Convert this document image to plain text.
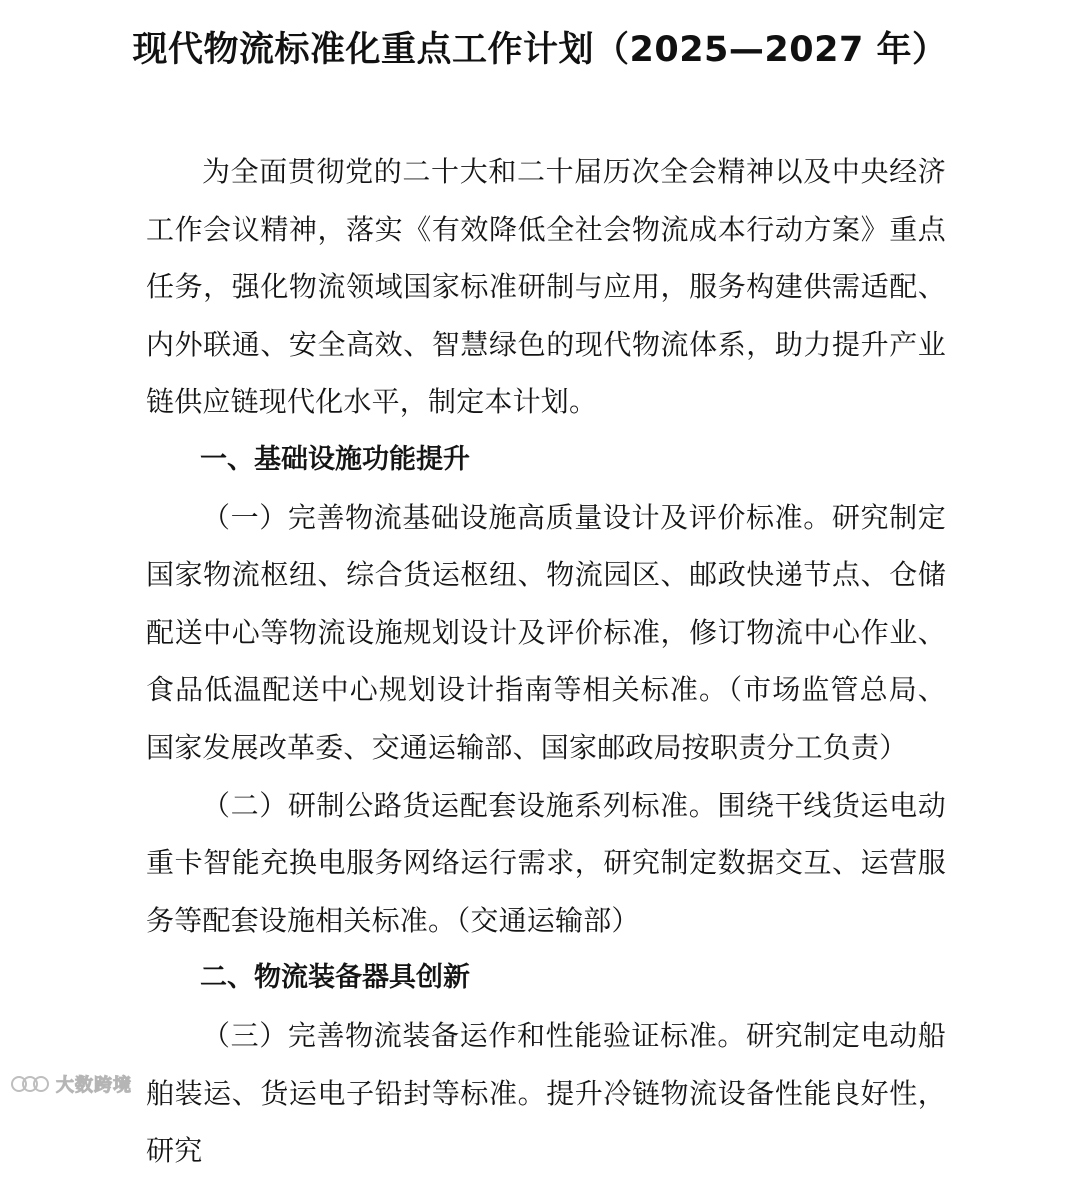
现代物流标准化重点工作计划（2025—2027 年）

为全面贯彻党的二十大和二十届历次全会精神以及中央经济工作会议精神，落实《有效降低全社会物流成本行动方案》重点任务，强化物流领域国家标准研制与应用，服务构建供需适配、内外联通、安全高效、智慧绿色的现代物流体系，助力提升产业链供应链现代化水平，制定本计划。

一、基础设施功能提升

（一）完善物流基础设施高质量设计及评价标准。研究制定国家物流枢纽、综合货运枢纽、物流园区、邮政快递节点、仓储配送中心等物流设施规划设计及评价标准，修订物流中心作业、食品低温配送中心规划设计指南等相关标准。（市场监管总局、国家发展改革委、交通运输部、国家邮政局按职责分工负责）

（二）研制公路货运配套设施系列标准。围绕干线货运电动重卡智能充换电服务网络运行需求，研究制定数据交互、运营服务等配套设施相关标准。（交通运输部）

二、物流装备器具创新

（三）完善物流装备运作和性能验证标准。研究制定电动船舶装运、货运电子铅封等标准。提升冷链物流设备性能良好性，研究

大数跨境
